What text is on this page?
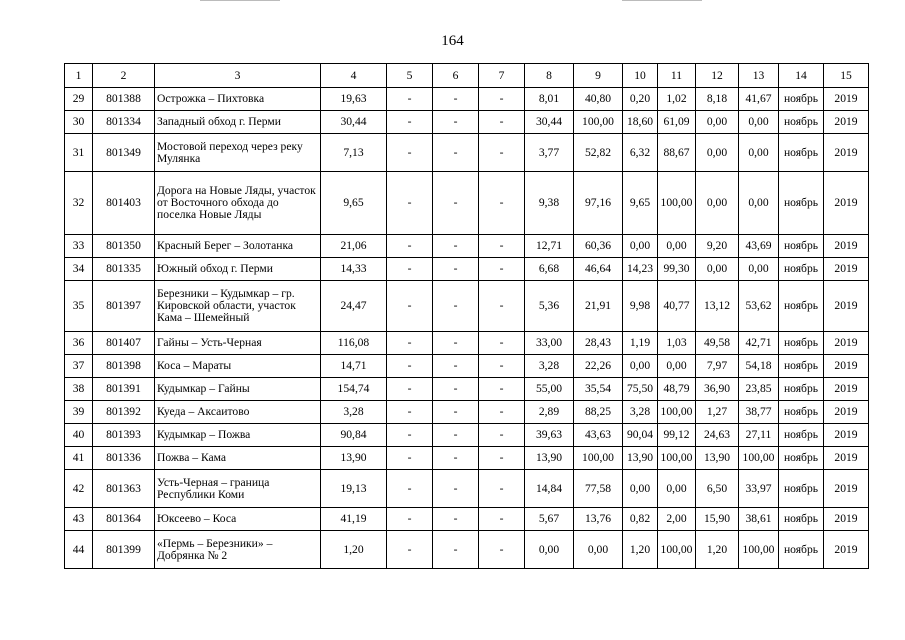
164
1	2	3	4	5	6	7	8	9	10	11	12	13	14	15
29	801388	Острожка – Пихтовка	19,63	-	-	-	8,01	40,80	0,20	1,02	8,18	41,67	ноябрь	2019
30	801334	Западный обход г. Перми	30,44	-	-	-	30,44	100,00	18,60	61,09	0,00	0,00	ноябрь	2019
31	801349	Мостовой переход через реку Мулянка	7,13	-	-	-	3,77	52,82	6,32	88,67	0,00	0,00	ноябрь	2019
32	801403	Дорога на Новые Ляды, участок от Восточного обхода до поселка Новые Ляды	9,65	-	-	-	9,38	97,16	9,65	100,00	0,00	0,00	ноябрь	2019
33	801350	Красный Берег – Золотанка	21,06	-	-	-	12,71	60,36	0,00	0,00	9,20	43,69	ноябрь	2019
34	801335	Южный обход г. Перми	14,33	-	-	-	6,68	46,64	14,23	99,30	0,00	0,00	ноябрь	2019
35	801397	Березники – Кудымкар – гр. Кировской области, участок Кама – Шемейный	24,47	-	-	-	5,36	21,91	9,98	40,77	13,12	53,62	ноябрь	2019
36	801407	Гайны – Усть-Черная	116,08	-	-	-	33,00	28,43	1,19	1,03	49,58	42,71	ноябрь	2019
37	801398	Коса – Мараты	14,71	-	-	-	3,28	22,26	0,00	0,00	7,97	54,18	ноябрь	2019
38	801391	Кудымкар – Гайны	154,74	-	-	-	55,00	35,54	75,50	48,79	36,90	23,85	ноябрь	2019
39	801392	Куеда – Аксаитово	3,28	-	-	-	2,89	88,25	3,28	100,00	1,27	38,77	ноябрь	2019
40	801393	Кудымкар – Пожва	90,84	-	-	-	39,63	43,63	90,04	99,12	24,63	27,11	ноябрь	2019
41	801336	Пожва – Кама	13,90	-	-	-	13,90	100,00	13,90	100,00	13,90	100,00	ноябрь	2019
42	801363	Усть-Черная – граница Республики Коми	19,13	-	-	-	14,84	77,58	0,00	0,00	6,50	33,97	ноябрь	2019
43	801364	Юксеево – Коса	41,19	-	-	-	5,67	13,76	0,82	2,00	15,90	38,61	ноябрь	2019
44	801399	«Пермь – Березники» – Добрянка № 2	1,20	-	-	-	0,00	0,00	1,20	100,00	1,20	100,00	ноябрь	2019
